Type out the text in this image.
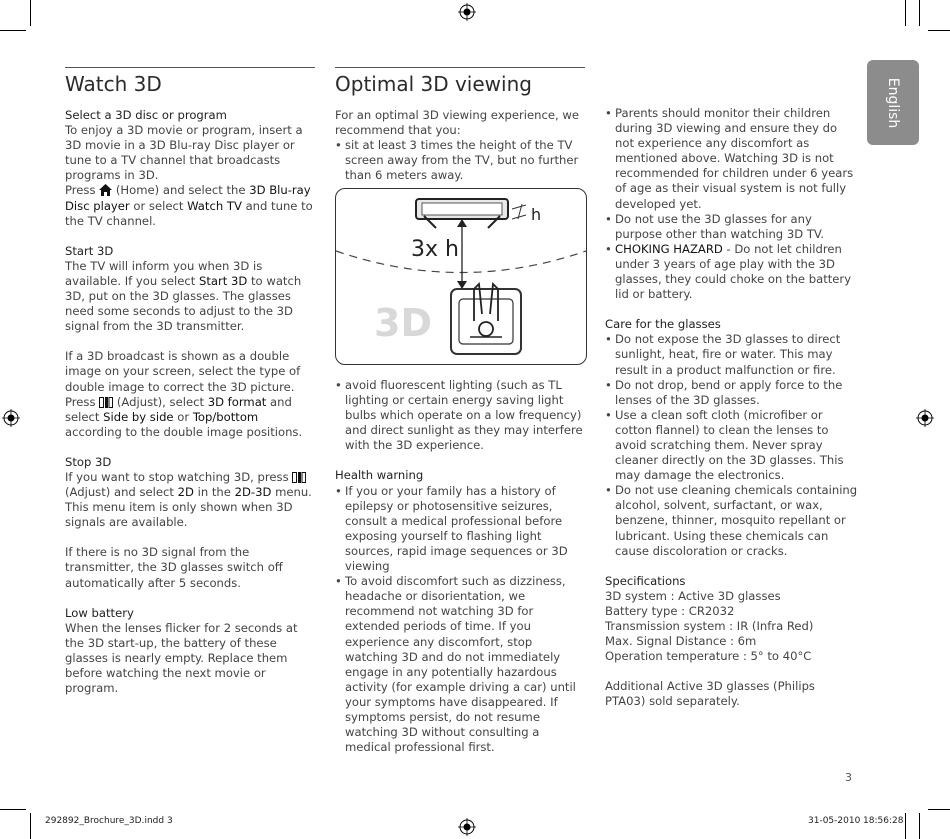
English
Watch 3D

Select a 3D disc or program

To enjoy a 3D movie or program, insert a 3D movie in a 3D Blu-ray Disc player or tune to a TV channel that broadcasts programs in 3D.
Press (Home) and select the 3D Blu-ray Disc player or select Watch TV and tune to the TV channel.

Start 3D

The TV will inform you when 3D is available. If you select Start 3D to watch 3D, put on the 3D glasses. The glasses need some seconds to adjust to the 3D signal from the 3D transmitter.

If a 3D broadcast is shown as a double image on your screen, select the type of double image to correct the 3D picture. Press (Adjust), select 3D format and select Side by side or Top/bottom according to the double image positions.

Stop 3D

If you want to stop watching 3D, press  (Adjust) and select 2D in the 2D-3D menu. This menu item is only shown when 3D signals are available.

If there is no 3D signal from the transmitter, the 3D glasses switch off automatically after 5 seconds.

Low battery

When the lenses flicker for 2 seconds at the 3D start-up, the battery of these glasses is nearly empty. Replace them before watching the next movie or program.

Optimal 3D viewing

For an optimal 3D viewing experience, we recommend that you:

• sit at least 3 times the height of the TV screen away from the TV, but no further than 6 meters away.

3x h
h
3D

• avoid fluorescent lighting (such as TL lighting or certain energy saving light bulbs which operate on a low frequency) and direct sunlight as they may interfere with the 3D experience.

Health warning

• If you or your family has a history of epilepsy or photosensitive seizures, consult a medical professional before exposing yourself to flashing light sources, rapid image sequences or 3D viewing

• To avoid discomfort such as dizziness, headache or disorientation, we recommend not watching 3D for extended periods of time. If you experience any discomfort, stop watching 3D and do not immediately engage in any potentially hazardous activity (for example driving a car) until your symptoms have disappeared. If symptoms persist, do not resume watching 3D without consulting a medical professional first.

• Parents should monitor their children during 3D viewing and ensure they do not experience any discomfort as mentioned above. Watching 3D is not recommended for children under 6 years of age as their visual system is not fully developed yet.

• Do not use the 3D glasses for any purpose other than watching 3D TV.

• CHOKING HAZARD - Do not let children under 3 years of age play with the 3D glasses, they could choke on the battery lid or battery.

Care for the glasses

• Do not expose the 3D glasses to direct sunlight, heat, fire or water. This may result in a product malfunction or fire.

• Do not drop, bend or apply force to the lenses of the 3D glasses.

• Use a clean soft cloth (microfiber or cotton flannel) to clean the lenses to avoid scratching them. Never spray cleaner directly on the 3D glasses. This may damage the electronics.

• Do not use cleaning chemicals containing alcohol, solvent, surfactant, or wax, benzene, thinner, mosquito repellant or lubricant. Using these chemicals can cause discoloration or cracks.

Specifications

3D system : Active 3D glasses

Battery type : CR2032

Transmission system : IR (Infra Red)

Max. Signal Distance : 6m

Operation temperature : 5° to 40°C

Additional Active 3D glasses (Philips PTA03) sold separately.

3
292892_Brochure_3D.indd 3	31-05-2010 18:56:28
